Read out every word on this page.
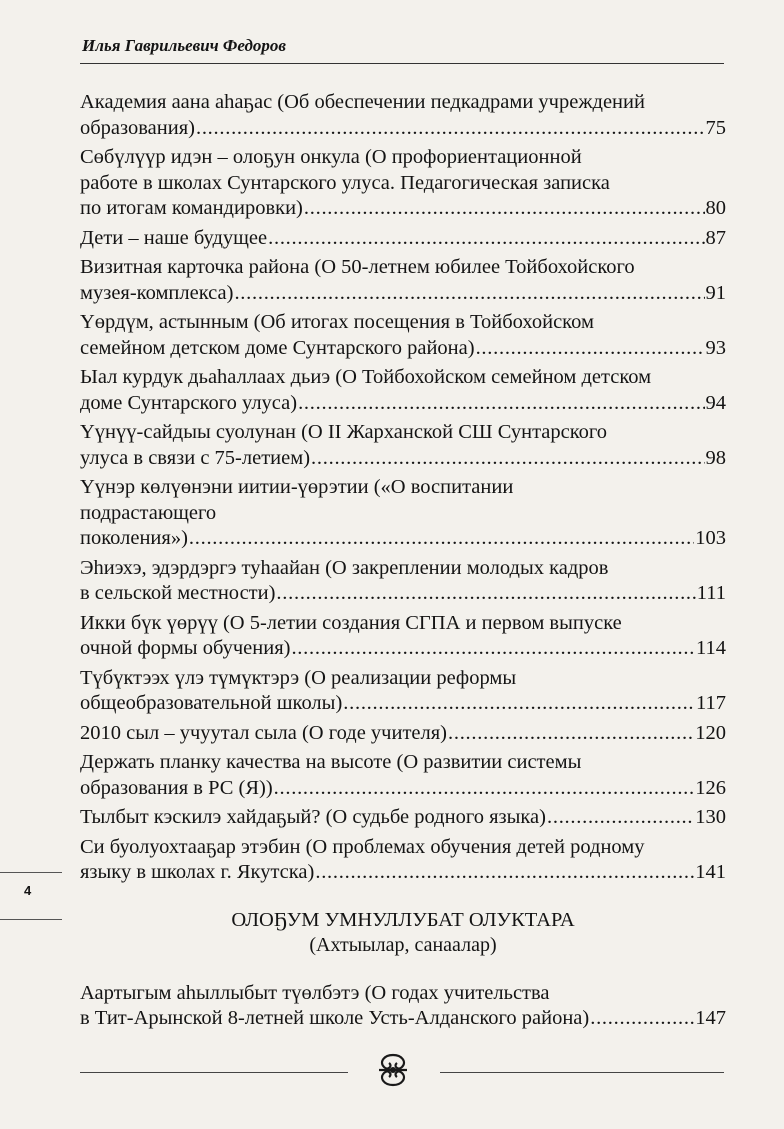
Илья Гаврильевич Федоров
Академия аана аhаҕас (Об обеспечении педкадрами учреждений
образования) . . .	75
Сөбүлүүр идэн – олоҕун онкула (О профориентационной
работе в школах Сунтарского улуса. Педагогическая записка
по итогам командировки) . . .	80
Дети – наше будущее . . .	87
Визитная карточка района (О 50-летнем юбилее Тойбохойского
музея-комплекса) . . .	91
Үөрдүм, астынным (Об итогах посещения в Тойбохойском
семейном детском доме Сунтарского района) . . .	93
Ыал курдук дьаhаллаах дьиэ (О Тойбохойском семейном детском
доме Сунтарского улуса) . . .	94
Үүнүү-сайдыы суолунан (О II Жарханской СШ Сунтарского
улуса в связи с 75-летием) . . .	98
Үүнэр көлүөнэни иитии-үөрэтии («О воспитании
подрастающего
поколения») . . .	103
Эhиэхэ, эдэрдэргэ туhаайан (О закреплении молодых кадров
в сельской местности) . . .	111
Икки бүк үөрүү (О 5-летии создания СГПА и первом выпуске
очной формы обучения) . . .	114
Түбүктээх үлэ түмүктэрэ (О реализации реформы
общеобразовательной школы) . . .	117
2010 сыл – учуутал сыла (О годе учителя) . . .	120
Держать планку качества на высоте (О развитии системы
образования в РС (Я)) . . .	126
Тылбыт кэскилэ хайдаҕый? (О судьбе родного языка) . . .	130
Си буолуохтааҕар этэбин (О проблемах обучения детей родному
языку в школах г. Якутска) . . .	141
ОЛОҔУМ УМНУЛЛУБАТ ОЛУКТАРА
(Ахтыылар, санаалар)
Аартыгым аhыллыбыт түөлбэтэ (О годах учительства
в Тит-Арынской 8-летней школе Усть-Алданского района) . . .	147
4
